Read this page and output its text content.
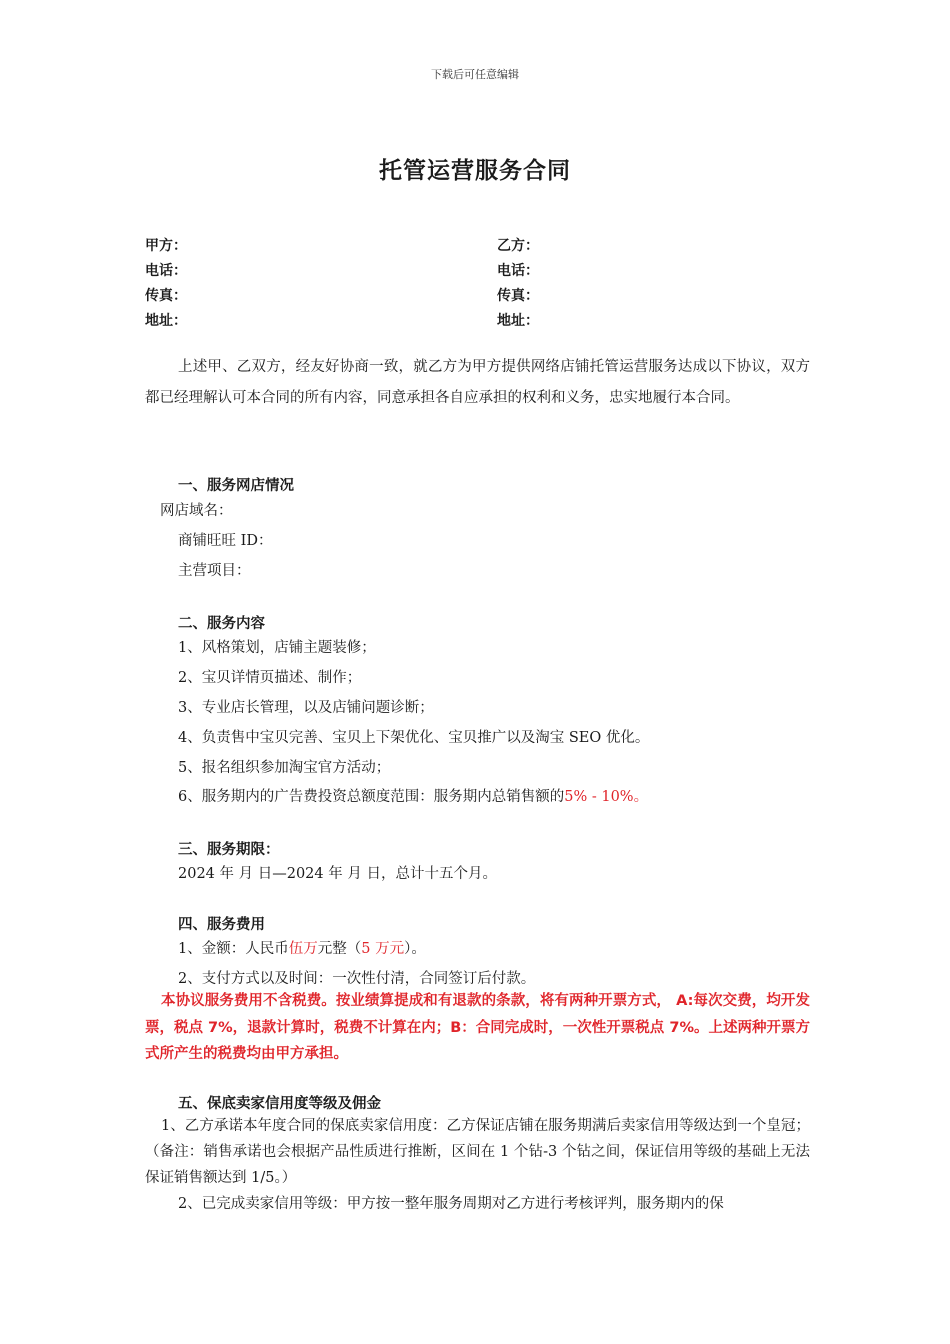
下载后可任意编辑
托管运营服务合同
甲方：	乙方：
电话：	电话：
传真：	传真：
地址：	地址：
上述甲、乙双方，经友好协商一致，就乙方为甲方提供网络店铺托管运营服务达成以下协议，双方都已经理解认可本合同的所有内容，同意承担各自应承担的权利和义务，忠实地履行本合同。
一、服务网店情况
网店域名：
商铺旺旺 ID：
主营项目：
二、服务内容
1、风格策划，店铺主题装修；
2、宝贝详情页描述、制作；
3、专业店长管理，以及店铺问题诊断；
4、负责售中宝贝完善、宝贝上下架优化、宝贝推广以及淘宝 SEO 优化。
5、报名组织参加淘宝官方活动；
6、服务期内的广告费投资总额度范围：服务期内总销售额的5% - 10%。
三、服务期限：
2024 年 月 日—2024 年 月 日，总计十五个月。
四、服务费用
1、金额：人民币伍万元整（5 万元）。
2、支付方式以及时间：一次性付清，合同签订后付款。
本协议服务费用不含税费。按业绩算提成和有退款的条款，将有两种开票方式， A:每次交费，均开发票，税点 7%，退款计算时，税费不计算在内；B：合同完成时，一次性开票税点 7%。上述两种开票方式所产生的税费均由甲方承担。
五、保底卖家信用度等级及佣金
1、乙方承诺本年度合同的保底卖家信用度：乙方保证店铺在服务期满后卖家信用等级达到一个皇冠；（备注：销售承诺也会根据产品性质进行推断，区间在 1 个钻-3 个钻之间，保证信用等级的基础上无法保证销售额达到 1/5。）
2、已完成卖家信用等级：甲方按一整年服务周期对乙方进行考核评判，服务期内的保
